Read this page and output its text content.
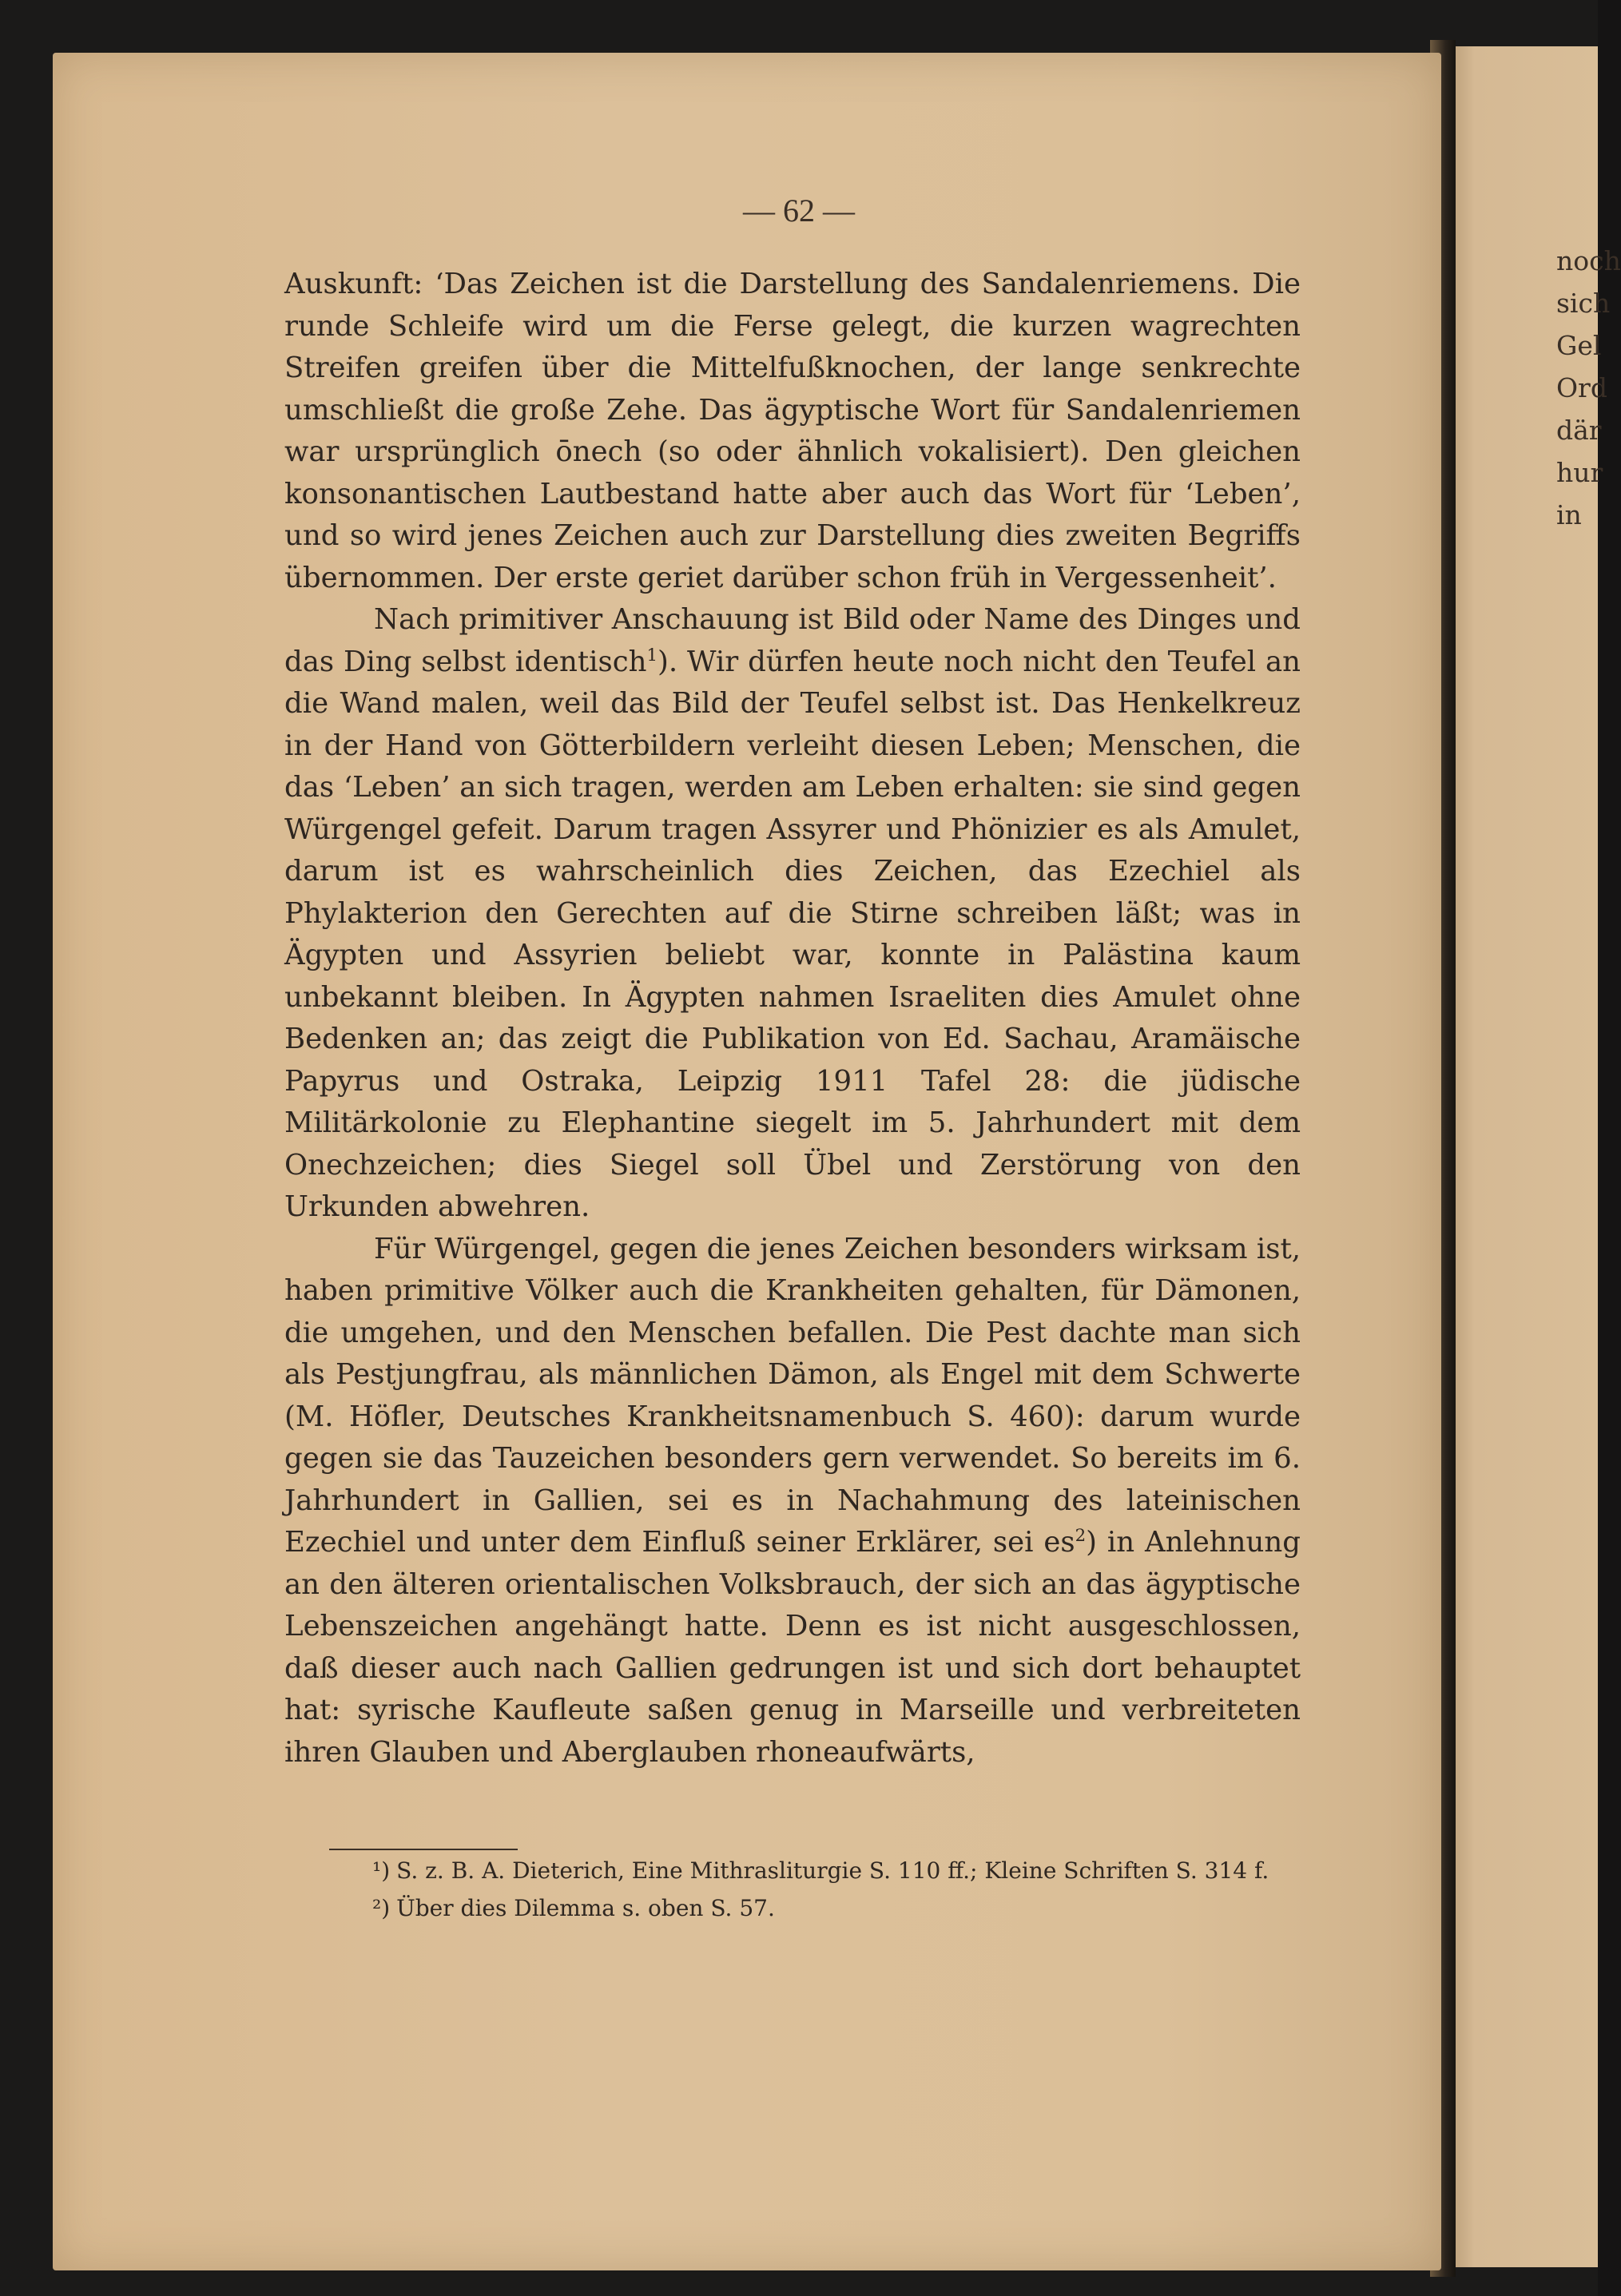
noch
sich
Gel
Ord
där
hur
in
— 62 —

Auskunft: ‘Das Zeichen ist die Darstellung des Sandalenriemens. Die runde Schleife wird um die Ferse gelegt, die kurzen wagrechten Streifen greifen über die Mittelfußknochen, der lange senkrechte umschließt die große Zehe. Das ägyptische Wort für Sandalenriemen war ursprünglich ōnech (so oder ähnlich vokalisiert). Den gleichen konsonantischen Lautbestand hatte aber auch das Wort für ‘Leben’, und so wird jenes Zeichen auch zur Darstellung dies zweiten Begriffs übernommen. Der erste geriet darüber schon früh in Vergessenheit’.

Nach primitiver Anschauung ist Bild oder Name des Dinges und das Ding selbst identisch$^1$). Wir dürfen heute noch nicht den Teufel an die Wand malen, weil das Bild der Teufel selbst ist. Das Henkelkreuz in der Hand von Götterbildern verleiht diesen Leben; Menschen, die das ‘Leben’ an sich tragen, werden am Leben erhalten: sie sind gegen Würgengel gefeit. Darum tragen Assyrer und Phönizier es als Amulet, darum ist es wahrscheinlich dies Zeichen, das Ezechiel als Phylakterion den Gerechten auf die Stirne schreiben läßt; was in Ägypten und Assyrien beliebt war, konnte in Palästina kaum unbekannt bleiben. In Ägypten nahmen Israeliten dies Amulet ohne Bedenken an; das zeigt die Publikation von Ed. Sachau, Aramäische Papyrus und Ostraka, Leipzig 1911 Tafel 28: die jüdische Militärkolonie zu Elephantine siegelt im 5. Jahrhundert mit dem Onechzeichen; dies Siegel soll Übel und Zerstörung von den Urkunden abwehren.

Für Würgengel, gegen die jenes Zeichen besonders wirksam ist, haben primitive Völker auch die Krankheiten gehalten, für Dämonen, die umgehen, und den Menschen befallen. Die Pest dachte man sich als Pestjungfrau, als männlichen Dämon, als Engel mit dem Schwerte (M. Höfler, Deutsches Krankheitsnamenbuch S. 460): darum wurde gegen sie das Tauzeichen besonders gern verwendet. So bereits im 6. Jahrhundert in Gallien, sei es in Nachahmung des lateinischen Ezechiel und unter dem Einfluß seiner Erklärer, sei $es^2$) in Anlehnung an den älteren orientalischen Volksbrauch, der sich an das ägyptische Lebenszeichen angehängt hatte. Denn es ist nicht ausgeschlossen, daß dieser auch nach Gallien gedrungen ist und sich dort behauptet hat: syrische Kaufleute saßen genug in Marseille und verbreiteten ihren Glauben und Aberglauben rhoneaufwärts,

¹) S. z. B. A. Dieterich, Eine Mithrasliturgie S. 110 ff.; Kleine Schriften S. 314 f.

²) Über dies Dilemma s. oben S. 57.
